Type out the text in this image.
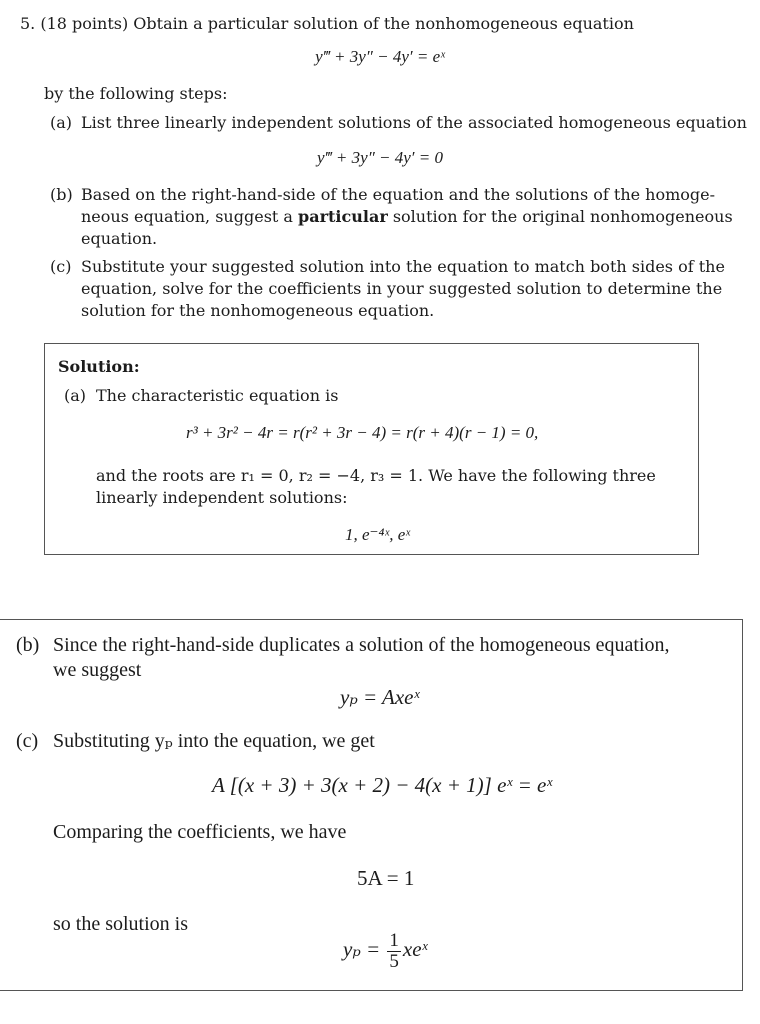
5. (18 points) Obtain a particular solution of the nonhomogeneous equation
y‴ + 3y″ − 4y′ = eˣ
by the following steps:
(a) List three linearly independent solutions of the associated homogeneous equation
y‴ + 3y″ − 4y′ = 0
(b) Based on the right-hand-side of the equation and the solutions of the homoge-
neous equation, suggest a particular solution for the original nonhomogeneous
equation.
(c) Substitute your suggested solution into the equation to match both sides of the
equation, solve for the coefficients in your suggested solution to determine the
solution for the nonhomogeneous equation.
Solution:
(a) The characteristic equation is
r³ + 3r² − 4r = r(r² + 3r − 4) = r(r + 4)(r − 1) = 0,
and the roots are r₁ = 0, r₂ = −4, r₃ = 1. We have the following three
linearly independent solutions:
1, e⁻⁴ˣ, eˣ
(b) Since the right-hand-side duplicates a solution of the homogeneous equation,
we suggest
yₚ = Axeˣ
(c) Substituting yₚ into the equation, we get
A [(x + 3) + 3(x + 2) − 4(x + 1)] eˣ = eˣ
Comparing the coefficients, we have
5A = 1
so the solution is
$y_p = \frac{1}{5}$ xeˣ
